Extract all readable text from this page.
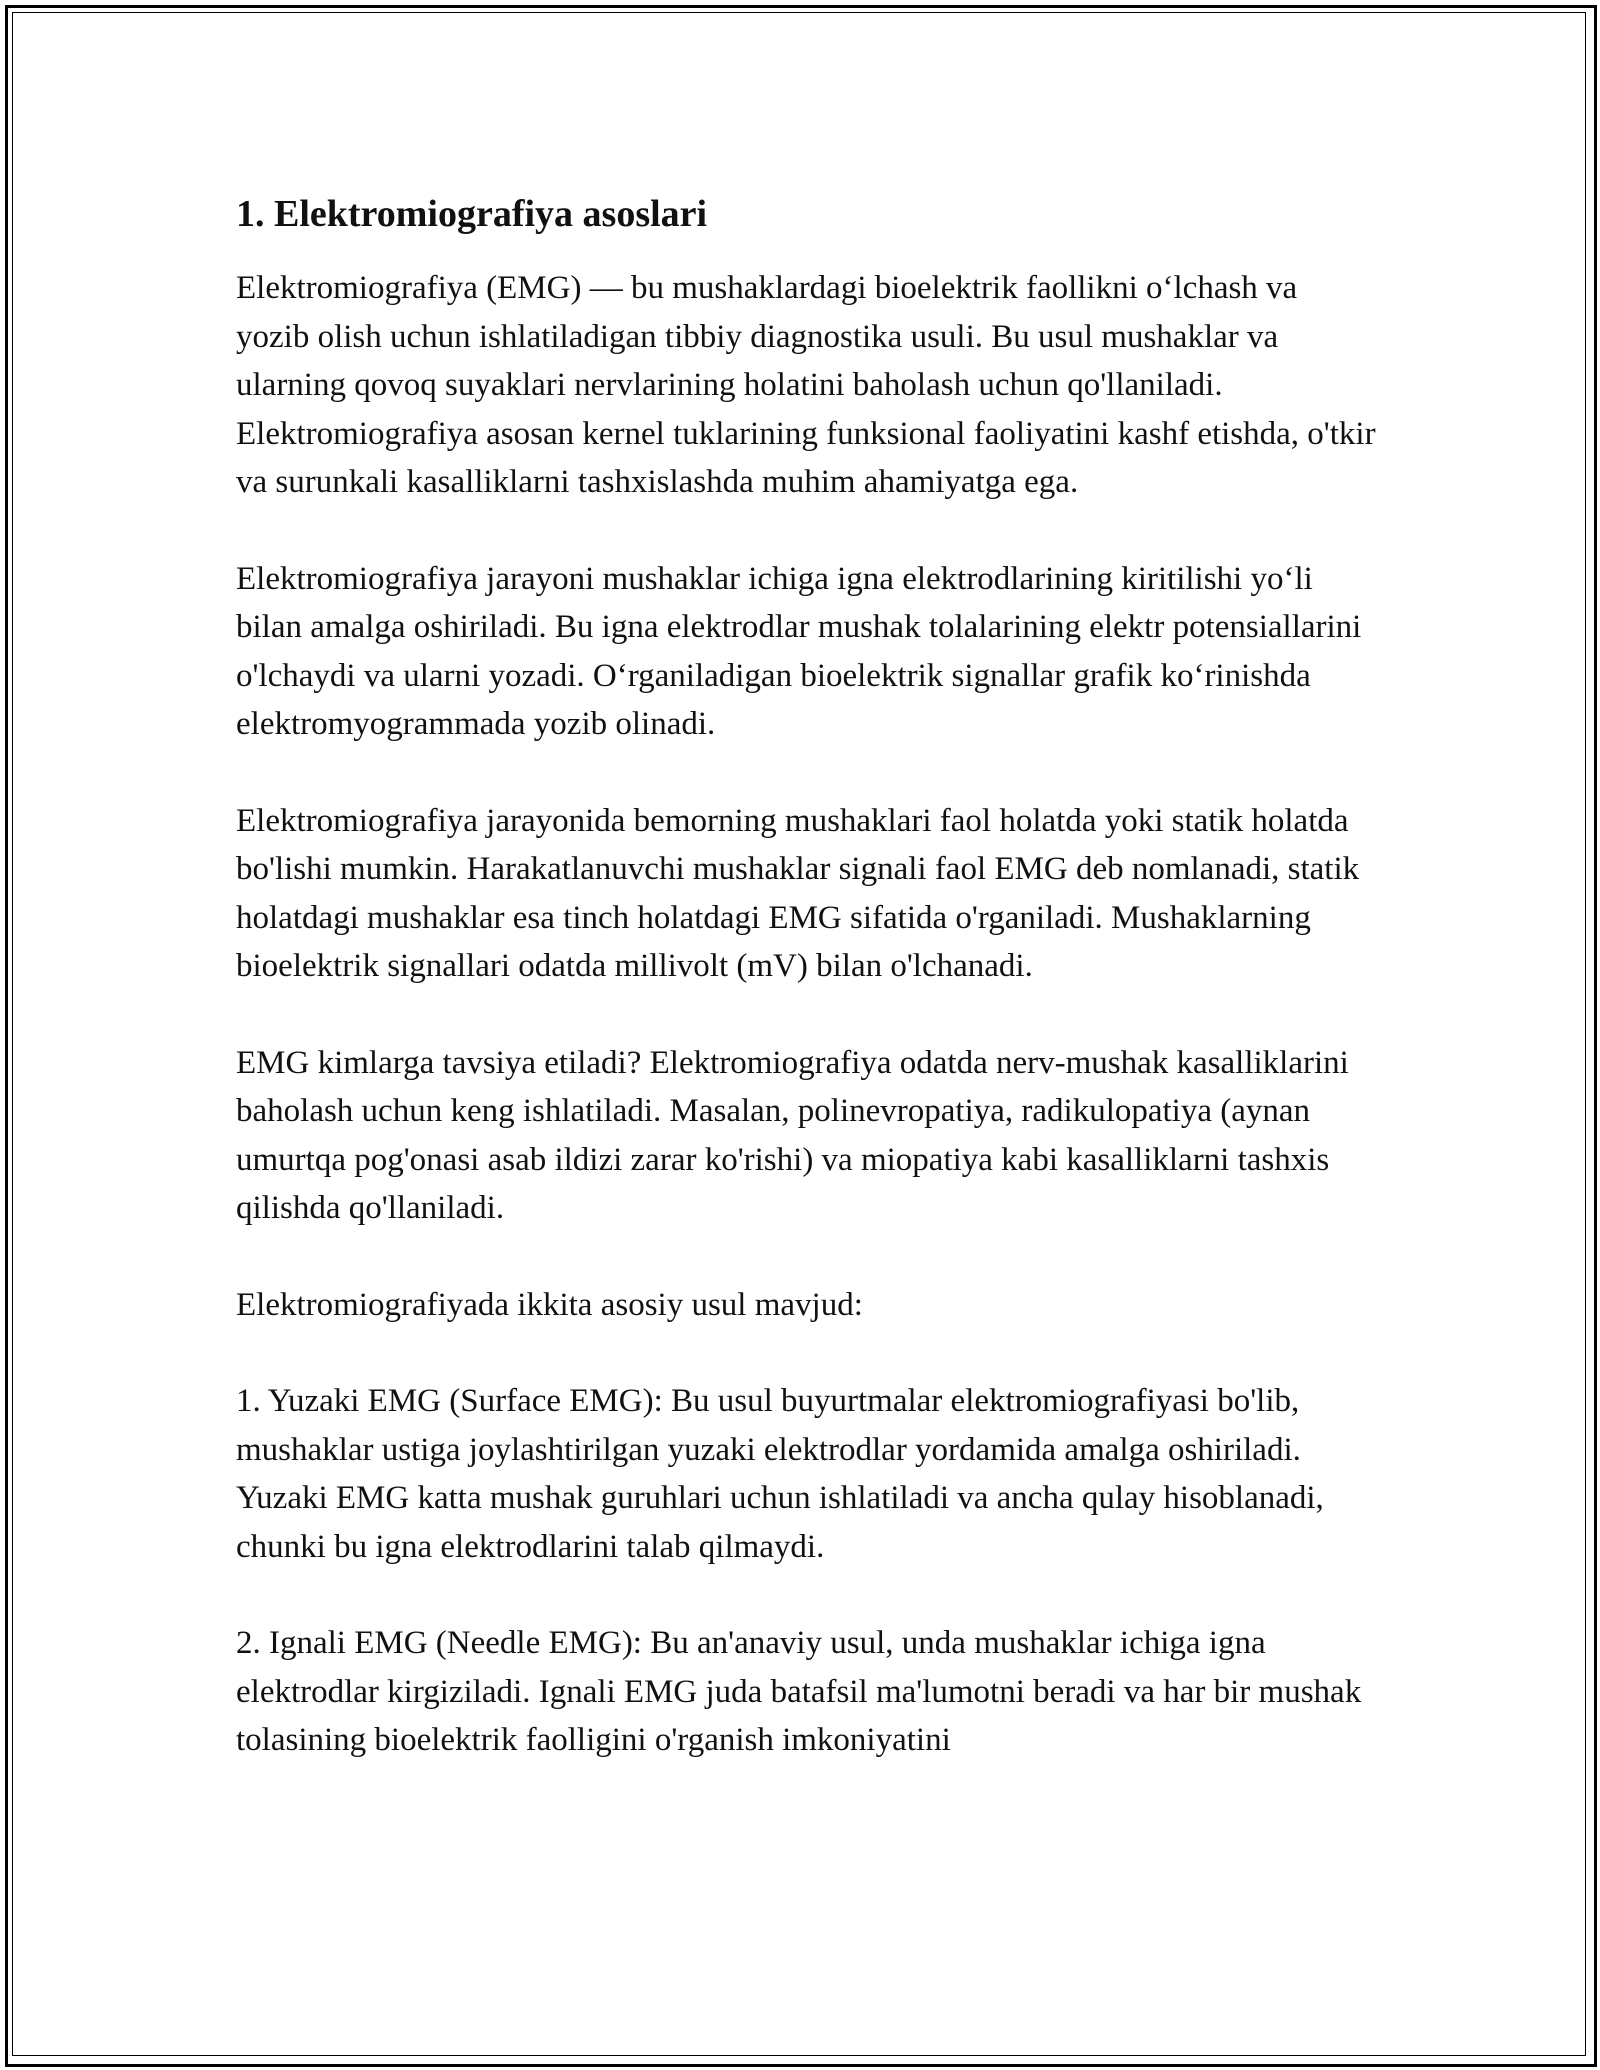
1. Elektromiografiya asoslari

Elektromiografiya (EMG) — bu mushaklardagi bioelektrik faollikni o‘lchash va yozib olish uchun ishlatiladigan tibbiy diagnostika usuli. Bu usul mushaklar va ularning qovoq suyaklari nervlarining holatini baholash uchun qo'llaniladi. Elektromiografiya asosan kernel tuklarining funksional faoliyatini kashf etishda, o'tkir va surunkali kasalliklarni tashxislashda muhim ahamiyatga ega.

Elektromiografiya jarayoni mushaklar ichiga igna elektrodlarining kiritilishi yo‘li bilan amalga oshiriladi. Bu igna elektrodlar mushak tolalarining elektr potensiallarini o'lchaydi va ularni yozadi. O‘rganiladigan bioelektrik signallar grafik ko‘rinishda elektromyogrammada yozib olinadi.

Elektromiografiya jarayonida bemorning mushaklari faol holatda yoki statik holatda bo'lishi mumkin. Harakatlanuvchi mushaklar signali faol EMG deb nomlanadi, statik holatdagi mushaklar esa tinch holatdagi EMG sifatida o'rganiladi. Mushaklarning bioelektrik signallari odatda millivolt (mV) bilan o'lchanadi.

EMG kimlarga tavsiya etiladi? Elektromiografiya odatda nerv-mushak kasalliklarini baholash uchun keng ishlatiladi. Masalan, polinevropatiya, radikulopatiya (aynan umurtqa pog'onasi asab ildizi zarar ko'rishi) va miopatiya kabi kasalliklarni tashxis qilishda qo'llaniladi.

Elektromiografiyada ikkita asosiy usul mavjud:

1. Yuzaki EMG (Surface EMG): Bu usul buyurtmalar elektromiografiyasi bo'lib, mushaklar ustiga joylashtirilgan yuzaki elektrodlar yordamida amalga oshiriladi. Yuzaki EMG katta mushak guruhlari uchun ishlatiladi va ancha qulay hisoblanadi, chunki bu igna elektrodlarini talab qilmaydi.

2. Ignali EMG (Needle EMG): Bu an'anaviy usul, unda mushaklar ichiga igna elektrodlar kirgiziladi. Ignali EMG juda batafsil ma'lumotni beradi va har bir mushak tolasining bioelektrik faolligini o'rganish imkoniyatini
